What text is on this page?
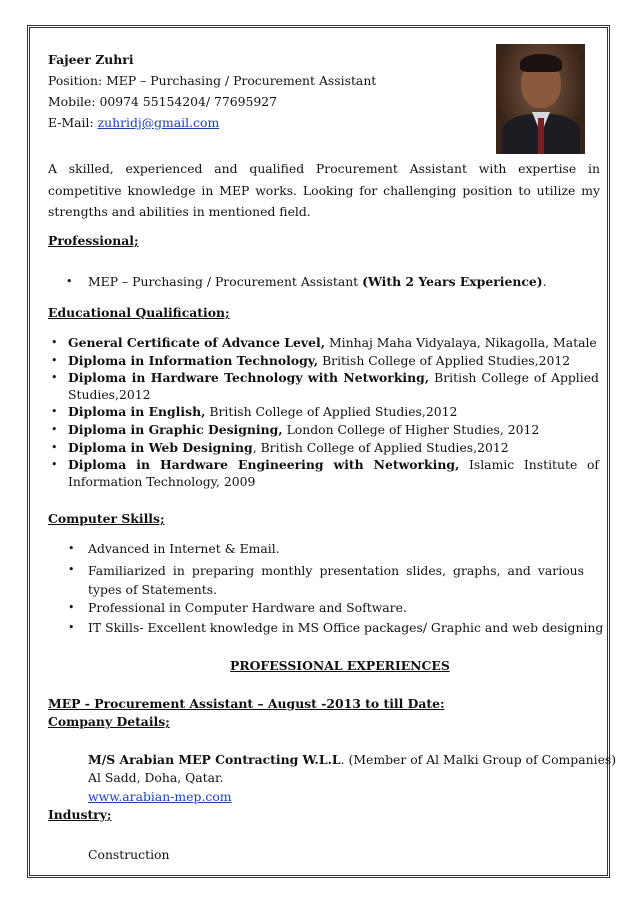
Fajeer Zuhri

Position: MEP – Purchasing / Procurement Assistant

Mobile: 00974 55154204/ 77695927

E-Mail: zuhridj@gmail.com

A skilled, experienced and qualified Procurement Assistant with expertise in competitive knowledge in MEP works. Looking for challenging position to utilize my strengths and abilities in mentioned field.

Professional;

• MEP – Purchasing / Procurement Assistant (With 2 Years Experience).

Educational Qualification;

• General Certificate of Advance Level, Minhaj Maha Vidyalaya, Nikagolla, Matale

• Diploma in Information Technology, British College of Applied Studies,2012

• Diploma in Hardware Technology with Networking, British College of Applied Studies,2012

• Diploma in English, British College of Applied Studies,2012

• Diploma in Graphic Designing, London College of Higher Studies, 2012

• Diploma in Web Designing, British College of Applied Studies,2012

• Diploma in Hardware Engineering with Networking, Islamic Institute of Information Technology, 2009

Computer Skills;

• Advanced in Internet & Email.

• Familiarized in preparing monthly presentation slides, graphs, and various types of Statements.

• Professional in Computer Hardware and Software.

• IT Skills- Excellent knowledge in MS Office packages/ Graphic and web designing

PROFESSIONAL EXPERIENCES

MEP - Procurement Assistant – August -2013 to till Date:

Company Details;

M/S Arabian MEP Contracting W.L.L. (Member of Al Malki Group of Companies)

Al Sadd, Doha, Qatar.

www.arabian-mep.com

Industry;

Construction
